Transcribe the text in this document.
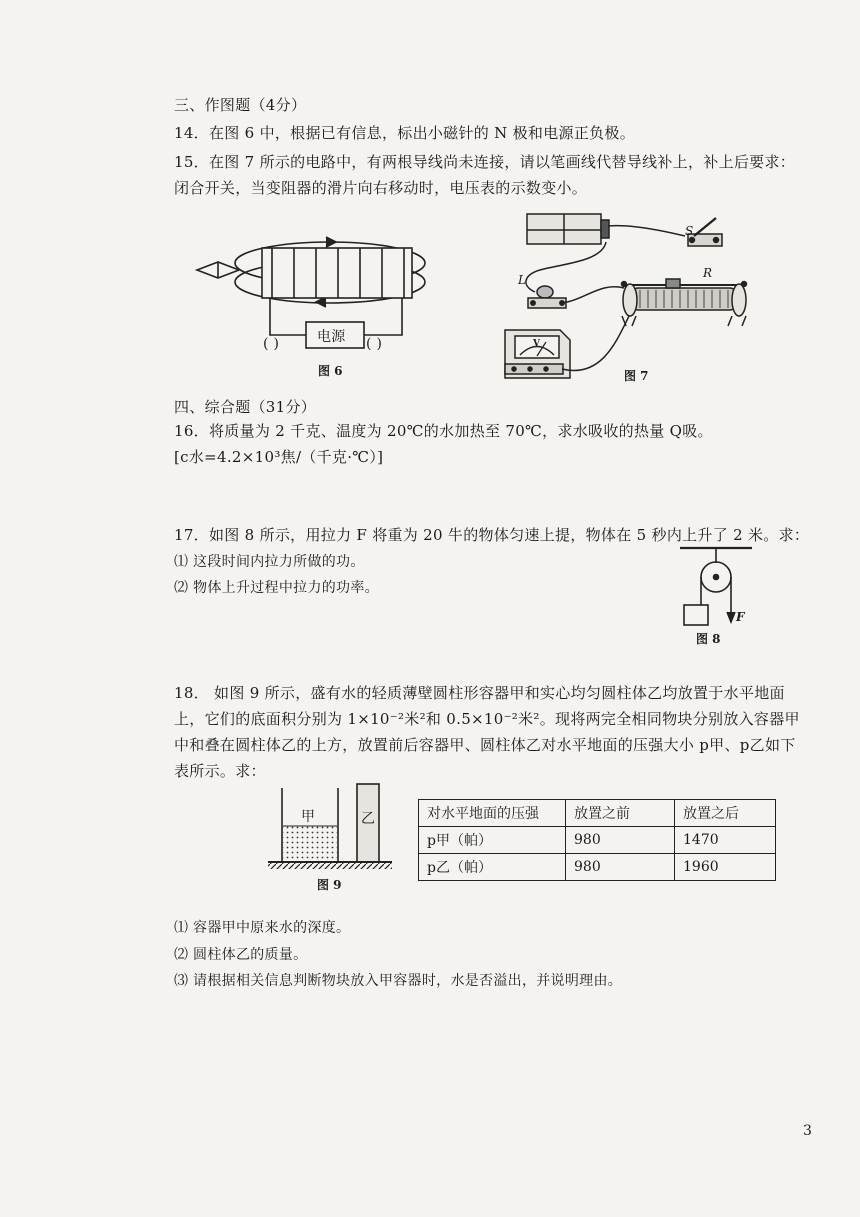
三、作图题（4分）
14．在图 6 中，根据已有信息，标出小磁针的 N 极和电源正负极。
15．在图 7 所示的电路中，有两根导线尚未连接，请以笔画线代替导线补上，补上后要求：
闭合开关，当变阻器的滑片向右移动时，电压表的示数变小。
电源
( )	( )
图 6
S
L	R
V
图 7
四、综合题（31分）
16．将质量为 2 千克、温度为 20℃的水加热至 70℃，求水吸收的热量 Q吸。
[c水=4.2×10³焦/（千克·℃）]
17．如图 8 所示，用拉力 F 将重为 20 牛的物体匀速上提，物体在 5 秒内上升了 2 米。求：
⑴ 这段时间内拉力所做的功。
⑵ 物体上升过程中拉力的功率。
F
图 8
18． 如图 9 所示，盛有水的轻质薄壁圆柱形容器甲和实心均匀圆柱体乙均放置于水平地面
上，它们的底面积分别为 1×10⁻²米²和 0.5×10⁻²米²。现将两完全相同物块分别放入容器甲
中和叠在圆柱体乙的上方，放置前后容器甲、圆柱体乙对水平地面的压强大小 p甲、p乙如下
表所示。求：
甲	乙
图 9
对水平地面的压强	放置之前	放置之后
p甲（帕）	980	1470
p乙（帕）	980	1960
⑴ 容器甲中原来水的深度。
⑵ 圆柱体乙的质量。
⑶ 请根据相关信息判断物块放入甲容器时，水是否溢出，并说明理由。
3
